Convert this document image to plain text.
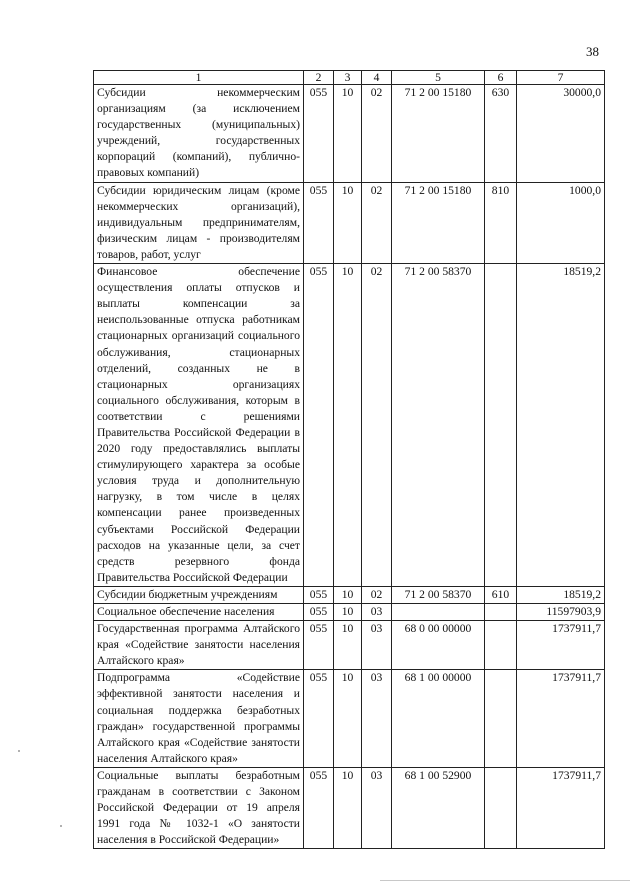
38
1	2	3	4	5	6	7
Субсидии некоммерческим организациям (за исключением государственных (муниципальных) учреждений, государственных корпораций (компаний), публично-правовых компаний)	055	10	02	71 2 00 15180	630	30000,0
Субсидии юридическим лицам (кроме некоммерческих организаций), индивидуальным предпринимателям, физическим лицам - производителям товаров, работ, услуг	055	10	02	71 2 00 15180	810	1000,0
Финансовое обеспечение осуществления оплаты отпусков и выплаты компенсации за неиспользованные отпуска работникам стационарных организаций социального обслуживания, стационарных отделений, созданных не в стационарных организациях социального обслуживания, которым в соответствии с решениями Правительства Российской Федерации в 2020 году предоставлялись выплаты стимулирующего характера за особые условия труда и дополнительную нагрузку, в том числе в целях компенсации ранее произведенных субъектами Российской Федерации расходов на указанные цели, за счет средств резервного фонда Правительства Российской Федерации	055	10	02	71 2 00 58370		18519,2
Субсидии бюджетным учреждениям	055	10	02	71 2 00 58370	610	18519,2
Социальное обеспечение населения	055	10	03			11597903,9
Государственная программа Алтайского края «Содействие занятости населения Алтайского края»	055	10	03	68 0 00 00000		1737911,7
Подпрограмма «Содействие эффективной занятости населения и социальная поддержка безработных граждан» государственной программы Алтайского края «Содействие занятости населения Алтайского края»	055	10	03	68 1 00 00000		1737911,7
Социальные выплаты безработным гражданам в соответствии с Законом Российской Федерации от 19 апреля 1991 года № 1032-1 «О занятости населения в Российской Федерации»	055	10	03	68 1 00 52900		1737911,7
